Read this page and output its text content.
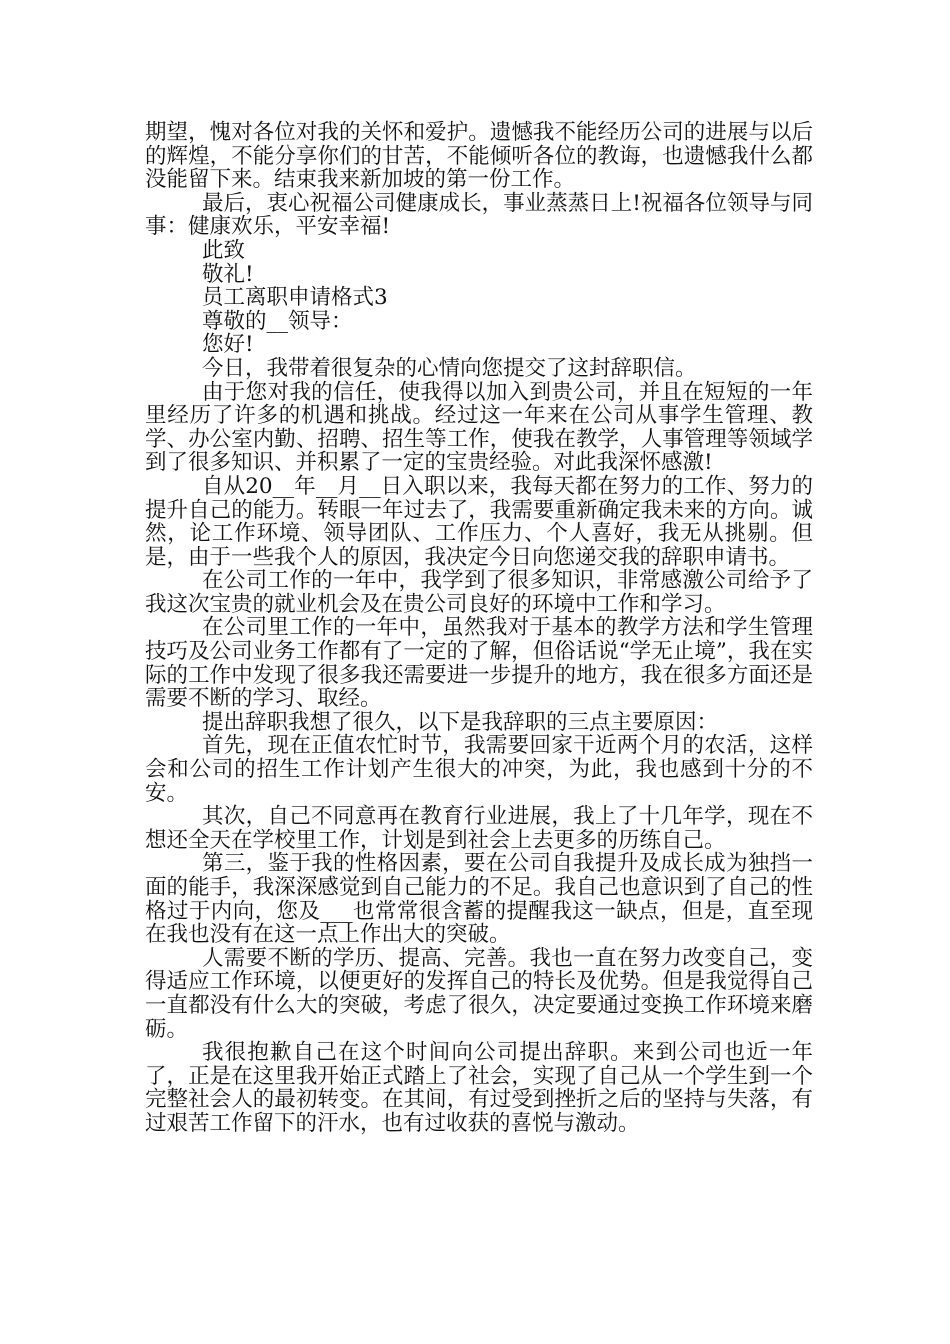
期望，愧对各位对我的关怀和爱护。遗憾我不能经历公司的进展与以后的辉煌，不能分享你们的甘苦，不能倾听各位的教诲，也遗憾我什么都没能留下来。结束我来新加坡的第一份工作。

最后，衷心祝福公司健康成长，事业蒸蒸日上!祝福各位领导与同事：健康欢乐，平安幸福!

此致

敬礼!

员工离职申请格式3

尊敬的__领导：

您好!

今日，我带着很复杂的心情向您提交了这封辞职信。

由于您对我的信任，使我得以加入到贵公司，并且在短短的一年里经历了许多的机遇和挑战。经过这一年来在公司从事学生管理、教学、办公室内勤、招聘、招生等工作，使我在教学，人事管理等领域学到了很多知识、并积累了一定的宝贵经验。对此我深怀感激!

自从20__年__月__日入职以来，我每天都在努力的工作、努力的提升自己的能力。转眼一年过去了，我需要重新确定我未来的方向。诚然，论工作环境、领导团队、工作压力、个人喜好，我无从挑剔。但是，由于一些我个人的原因，我决定今日向您递交我的辞职申请书。

在公司工作的一年中，我学到了很多知识，非常感激公司给予了我这次宝贵的就业机会及在贵公司良好的环境中工作和学习。

在公司里工作的一年中，虽然我对于基本的教学方法和学生管理技巧及公司业务工作都有了一定的了解，但俗话说“学无止境”，我在实际的工作中发现了很多我还需要进一步提升的地方，我在很多方面还是需要不断的学习、取经。

提出辞职我想了很久，以下是我辞职的三点主要原因：

首先，现在正值农忙时节，我需要回家干近两个月的农活，这样会和公司的招生工作计划产生很大的冲突，为此，我也感到十分的不安。

其次，自己不同意再在教育行业进展，我上了十几年学，现在不想还全天在学校里工作，计划是到社会上去更多的历练自己。

第三，鉴于我的性格因素，要在公司自我提升及成长成为独挡一面的能手，我深深感觉到自己能力的不足。我自己也意识到了自己的性格过于内向，您及___也常常很含蓄的提醒我这一缺点，但是，直至现在我也没有在这一点上作出大的突破。

人需要不断的学历、提高、完善。我也一直在努力改变自己，变得适应工作环境，以便更好的发挥自己的特长及优势。但是我觉得自己一直都没有什么大的突破，考虑了很久，决定要通过变换工作环境来磨砺。

我很抱歉自己在这个时间向公司提出辞职。来到公司也近一年了，正是在这里我开始正式踏上了社会，实现了自己从一个学生到一个完整社会人的最初转变。在其间，有过受到挫折之后的坚持与失落，有过艰苦工作留下的汗水，也有过收获的喜悦与激动。
